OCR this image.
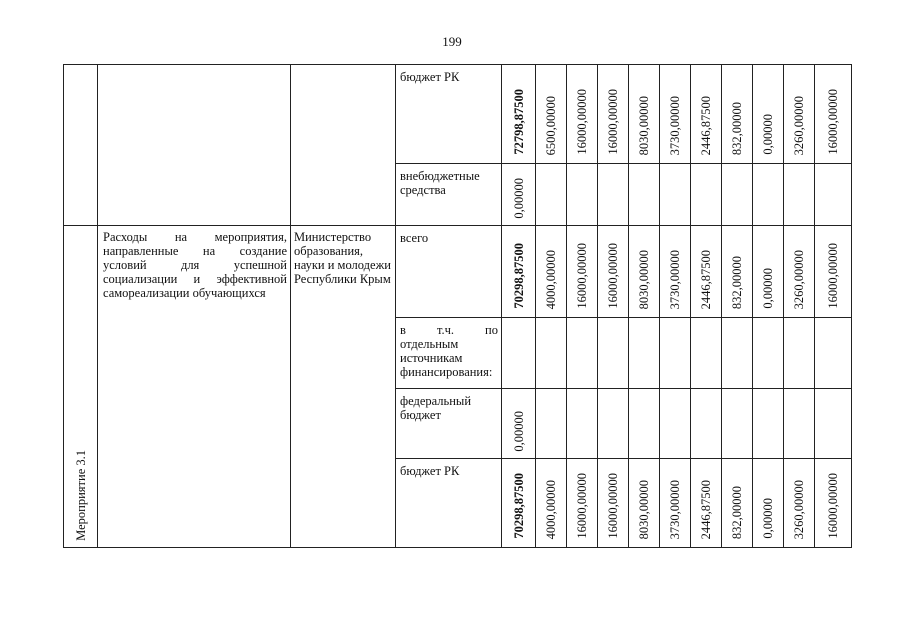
199
			бюджет РК	72798,87500	6500,00000	16000,00000	16000,00000	8030,00000	3730,00000	2446,87500	832,00000	0,00000	3260,00000	16000,00000

			внебюджетные средства	0,00000										

Мероприятие 3.1	Расходы на мероприятия, направленные на создание условий для успешной социализации и эффективной самореализации обучающихся	Министерство образования, науки и молодежи Республики Крым	всего	70298,87500	4000,00000	16000,00000	16000,00000	8030,00000	3730,00000	2446,87500	832,00000	0,00000	3260,00000	16000,00000

			в т.ч. по отдельным источникам финансирования:											
			федеральный бюджет	0,00000										

			бюджет РК	70298,87500	4000,00000	16000,00000	16000,00000	8030,00000	3730,00000	2446,87500	832,00000	0,00000	3260,00000	16000,00000
